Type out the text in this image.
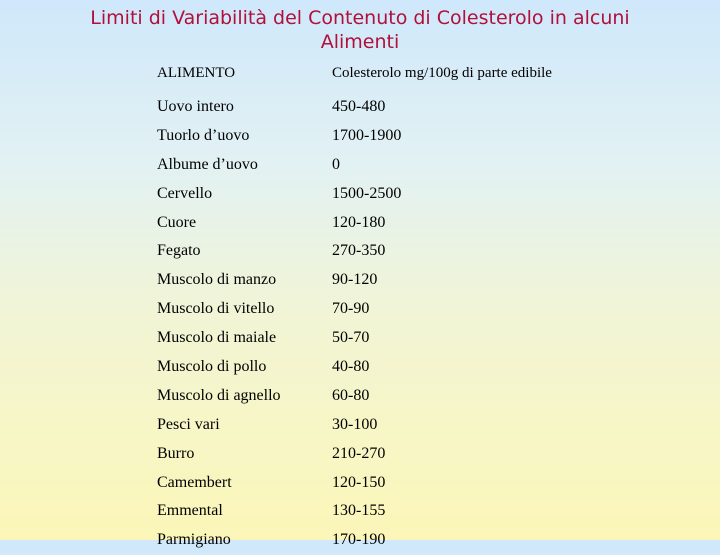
Limiti di Variabilità del Contenuto di Colesterolo in alcuni
Alimenti
ALIMENTO	Colesterolo mg/100g di parte edibile
Uovo intero	450-480
Tuorlo d’uovo	1700-1900
Albume d’uovo	0
Cervello	1500-2500
Cuore	120-180
Fegato	270-350
Muscolo di manzo	90-120
Muscolo di vitello	70-90
Muscolo di maiale	50-70
Muscolo di pollo	40-80
Muscolo di agnello	60-80
Pesci vari	30-100
Burro	210-270
Camembert	120-150
Emmental	130-155
Parmigiano	170-190
